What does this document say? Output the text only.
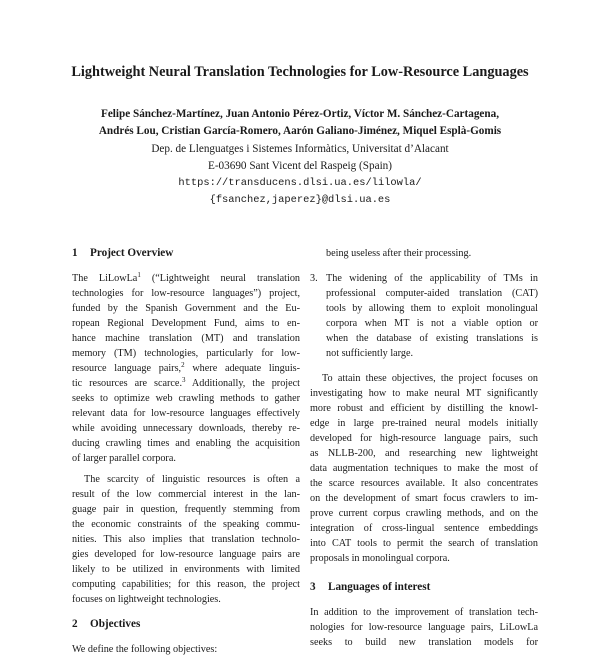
Lightweight Neural Translation Technologies for Low-Resource Languages
Felipe Sánchez-Martínez, Juan Antonio Pérez-Ortiz, Víctor M. Sánchez-Cartagena,
Andrés Lou, Cristian García-Romero, Aarón Galiano-Jiménez, Miquel Esplà-Gomis
Dep. de Llenguatges i Sistemes Informàtics, Universitat d’Alacant
E-03690 Sant Vicent del Raspeig (Spain)
https://transducens.dlsi.ua.es/lilowla/
{fsanchez,japerez}@dlsi.ua.es
1 Project Overview
The LiLowLa$^1$ (“Lightweight neural translation
technologies for low-resource languages”) project,
funded by the Spanish Government and the Eu-
ropean Regional Development Fund, aims to en-
hance machine translation (MT) and translation
memory (TM) technologies, particularly for low-
resource language pairs,$^2$ where adequate linguis-
tic resources are scarce.$^3$ Additionally, the project
seeks to optimize web crawling methods to gather
relevant data for low-resource languages effectively
while avoiding unnecessary downloads, thereby re-
ducing crawling times and enabling the acquisition
of larger parallel corpora.
The scarcity of linguistic resources is often a
result of the low commercial interest in the lan-
guage pair in question, frequently stemming from
the economic constraints of the speaking commu-
nities. This also implies that translation technolo-
gies developed for low-resource language pairs are
likely to be utilized in environments with limited
computing capabilities; for this reason, the project
focuses on lightweight technologies.
2 Objectives
We define the following objectives:
being useless after their processing.
3. The widening of the applicability of TMs in
professional computer-aided translation (CAT)
tools by allowing them to exploit monolingual
corpora when MT is not a viable option or
when the database of existing translations is
not sufficiently large.
To attain these objectives, the project focuses on
investigating how to make neural MT significantly
more robust and efficient by distilling the knowl-
edge in large pre-trained neural models initially
developed for high-resource language pairs, such
as NLLB-200, and researching new lightweight
data augmentation techniques to make the most of
the scarce resources available. It also concentrates
on the development of smart focus crawlers to im-
prove current corpus crawling methods, and on the
integration of cross-lingual sentence embeddings
into CAT tools to permit the search of translation
proposals in monolingual corpora.
3 Languages of interest
In addition to the improvement of translation tech-
nologies for low-resource language pairs, LiLowLa
seeks to build new translation models for
